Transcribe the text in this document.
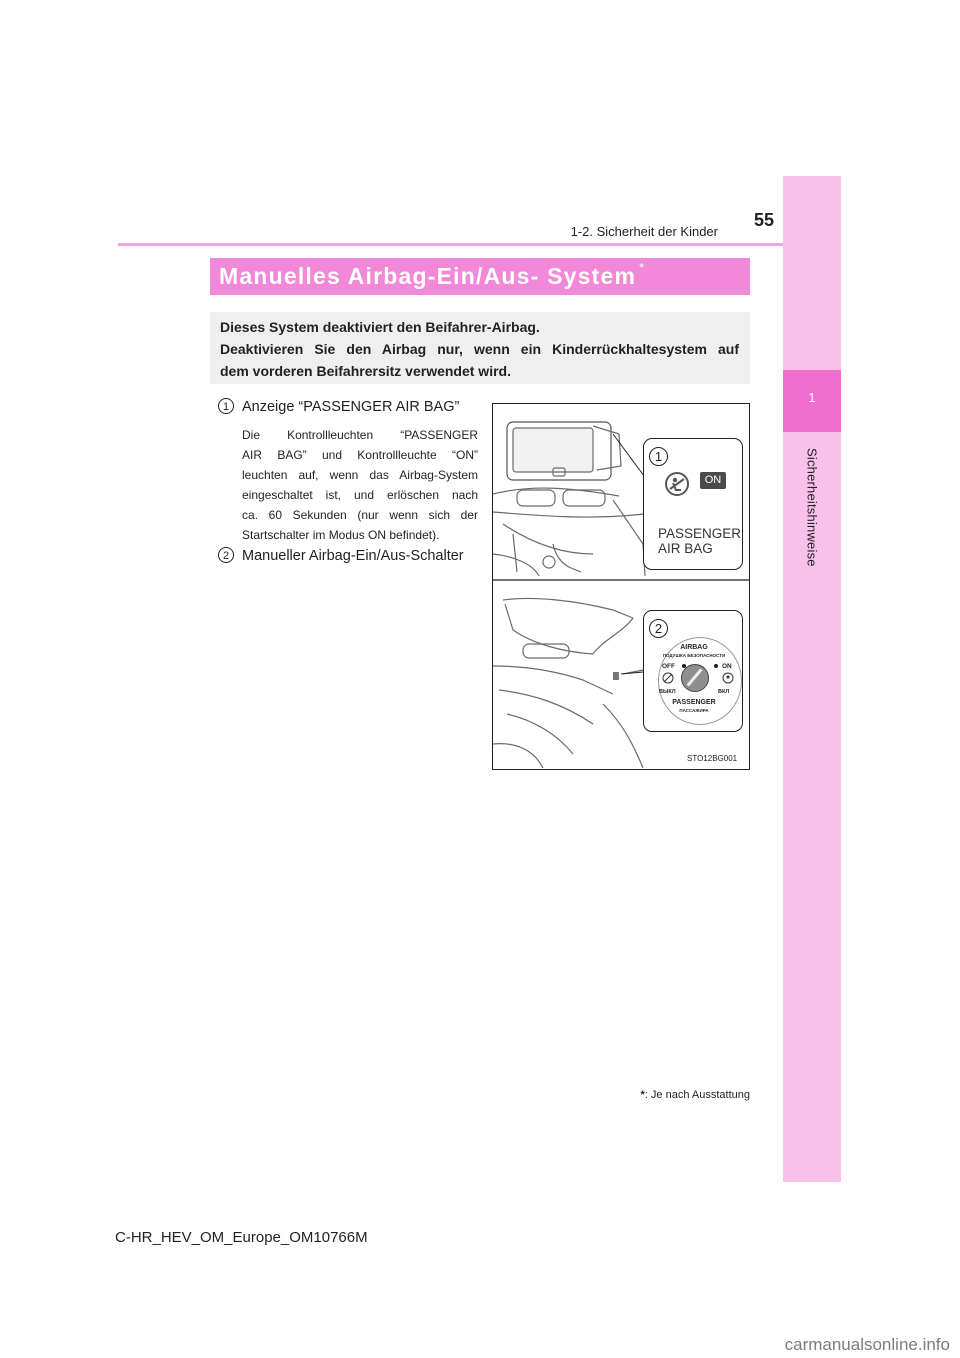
1
Sicherheitshinweise
1-2. Sicherheit der Kinder
55
Manuelles Airbag-Ein/Aus- System *
Dieses System deaktiviert den Beifahrer-Airbag.
Deaktivieren Sie den Airbag nur, wenn ein Kinderrückhaltesystem auf
dem vorderen Beifahrersitz verwendet wird.
1 Anzeige “PASSENGER AIR BAG”
Die Kontrollleuchten “PASSENGER
AIR BAG” und Kontrollleuchte “ON”
leuchten auf, wenn das Airbag-System
eingeschaltet ist, und erlöschen nach
ca. 60 Sekunden (nur wenn sich der
Startschalter im Modus ON befindet).
2 Manueller Airbag-Ein/Aus-Schalter
1
ON
PASSENGER
AIR BAG
2
AIRBAG
ПОДУШКА БЕЗОПАСНОСТИ
OFF	ON
ВЫКЛ	ВКЛ
PASSENGER
ПАССАЖИРА
STO12BG001
*: Je nach Ausstattung
C-HR_HEV_OM_Europe_OM10766M
carmanualsonline.info
